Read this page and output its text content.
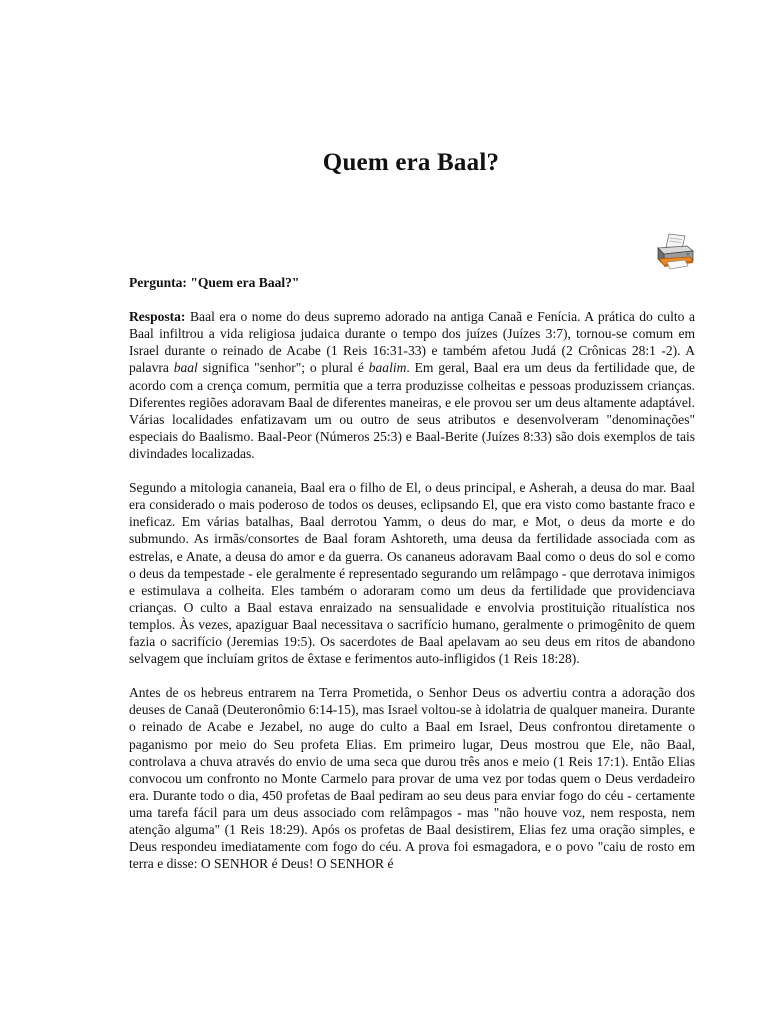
Quem era Baal?

Pergunta: "Quem era Baal?"

Resposta: Baal era o nome do deus supremo adorado na antiga Canaã e Fenícia. A prática do culto a Baal infiltrou a vida religiosa judaica durante o tempo dos juízes (Juízes 3:7), tornou-se comum em Israel durante o reinado de Acabe (1 Reis 16:31-33) e também afetou Judá (2 Crônicas 28:1 -2). A palavra baal significa "senhor"; o plural é baalim. Em geral, Baal era um deus da fertilidade que, de acordo com a crença comum, permitia que a terra produzisse colheitas e pessoas produzissem crianças. Diferentes regiões adoravam Baal de diferentes maneiras, e ele provou ser um deus altamente adaptável. Várias localidades enfatizavam um ou outro de seus atributos e desenvolveram "denominações" especiais do Baalismo. Baal-Peor (Números 25:3) e Baal-Berite (Juízes 8:33) são dois exemplos de tais divindades localizadas.

Segundo a mitologia cananeia, Baal era o filho de El, o deus principal, e Asherah, a deusa do mar. Baal era considerado o mais poderoso de todos os deuses, eclipsando El, que era visto como bastante fraco e ineficaz. Em várias batalhas, Baal derrotou Yamm, o deus do mar, e Mot, o deus da morte e do submundo. As irmãs/consortes de Baal foram Ashtoreth, uma deusa da fertilidade associada com as estrelas, e Anate, a deusa do amor e da guerra. Os cananeus adoravam Baal como o deus do sol e como o deus da tempestade - ele geralmente é representado segurando um relâmpago - que derrotava inimigos e estimulava a colheita. Eles também o adoraram como um deus da fertilidade que providenciava crianças. O culto a Baal estava enraizado na sensualidade e envolvia prostituição ritualística nos templos. Às vezes, apaziguar Baal necessitava o sacrifício humano, geralmente o primogênito de quem fazia o sacrifício (Jeremias 19:5). Os sacerdotes de Baal apelavam ao seu deus em ritos de abandono selvagem que incluíam gritos de êxtase e ferimentos auto-infligidos (1 Reis 18:28).

Antes de os hebreus entrarem na Terra Prometida, o Senhor Deus os advertiu contra a adoração dos deuses de Canaã (Deuteronômio 6:14-15), mas Israel voltou-se à idolatria de qualquer maneira. Durante o reinado de Acabe e Jezabel, no auge do culto a Baal em Israel, Deus confrontou diretamente o paganismo por meio do Seu profeta Elias. Em primeiro lugar, Deus mostrou que Ele, não Baal, controlava a chuva através do envio de uma seca que durou três anos e meio (1 Reis 17:1). Então Elias convocou um confronto no Monte Carmelo para provar de uma vez por todas quem o Deus verdadeiro era. Durante todo o dia, 450 profetas de Baal pediram ao seu deus para enviar fogo do céu - certamente uma tarefa fácil para um deus associado com relâmpagos - mas "não houve voz, nem resposta, nem atenção alguma" (1 Reis 18:29). Após os profetas de Baal desistirem, Elias fez uma oração simples, e Deus respondeu imediatamente com fogo do céu. A prova foi esmagadora, e o povo "caiu de rosto em terra e disse: O SENHOR é Deus! O SENHOR é
